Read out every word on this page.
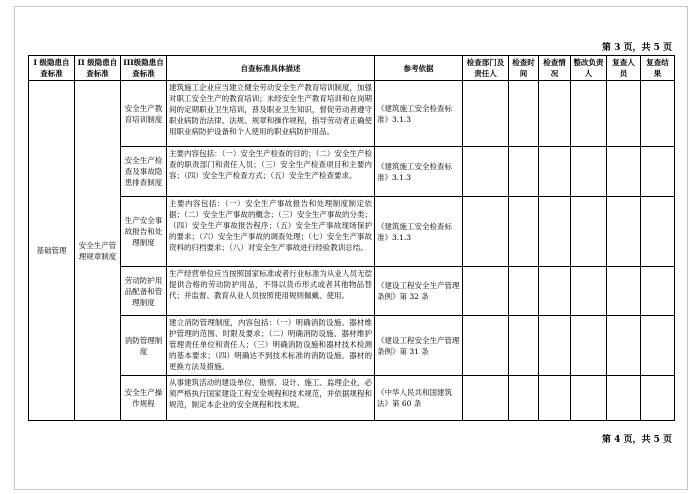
第 3 页，共 5 页
I 级隐患自查标准	II 级隐患自查标准	III级隐患自查标准	自查标准具体描述	参考依据	检查部门及责任人	检查时间	检查情况	整改负责人	复查人员	复查结果
基础管理	安全生产管理规章制度	安全生产教育培训制度	建筑施工企业应当建立健全劳动安全生产教育培训制度，加强对职工安全生产的教育培训；未经安全生产教育培训和在岗期间的定期职业卫生培训，普及职业卫生知识，督促劳动者遵守职业病防治法律、法规、规章和操作规程，指导劳动者正确使用职业病防护设备和个人使用的职业病防护用品。	《建筑施工安全检查标准》3.1.3						
		安全生产检查及事故隐患排查制度	主要内容包括：（一）安全生产检查的目的；（二）安全生产检查的职责部门和责任人员；（三）安全生产检查项目和主要内容；（四）安全生产检查方式；（五）安全生产检查要求。	《建筑施工安全检查标准》3.1.3						
		生产安全事故报告和处理制度	主要内容包括：（一）安全生产事故报告和处理制度制定依据；（二）安全生产事故的概念；（三）安全生产事故的分类；（四）安全生产事故报告程序；（五）安全生产事故现场保护的要求；（六）安全生产事故的调查处理；（七）安全生产事故资料的归档要求；（八）对安全生产事故进行经验教训总结。	《建筑施工安全检查标准》3.1.3						
		劳动防护用品配备和管理制度	生产经营单位应当按照国家标准或者行业标准为从业人员无偿提供合格的劳动防护用品，不得以货币形式或者其他物品替代；并监督、教育从业人员按照使用规则佩戴、使用。	《建设工程安全生产管理条例》第 32 条						
		消防管理制度	建立消防管理制度，内容包括：（一）明确消防设施、器材维护管理的范围、时限及要求；（二）明确消防设施、器材维护管理责任单位和责任人；（三）明确消防设施和器材技术检测的基本要求；（四）明确达不到技术标准的消防设施、器材的更换方法及措施。	《建设工程安全生产管理条例》第 31 条						
		安全生产操作规程	从事建筑活动的建设单位、勘察、设计、施工、监理企业，必须严格执行国家建设工程安全规程和技术规范，并依据规程和规范，制定本企业的安全规程和技术规。	《中华人民共和国建筑法》第 60 条						
第 4 页，共 5 页
